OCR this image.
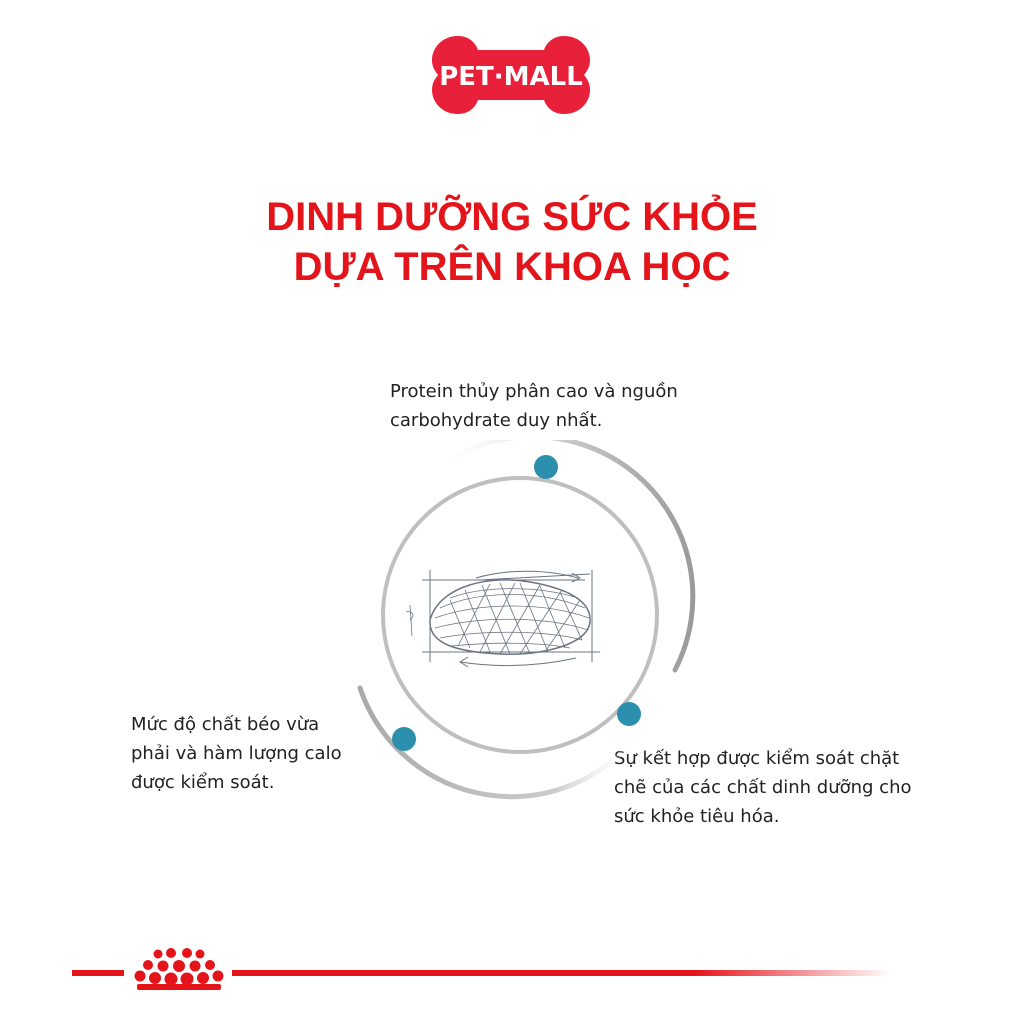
PET·MALL
DINH DƯỠNG SỨC KHỎE
DỰA TRÊN KHOA HỌC
Protein thủy phân cao và nguồn
carbohydrate duy nhất.
Mức độ chất béo vừa
phải và hàm lượng calo
được kiểm soát.
Sự kết hợp được kiểm soát chặt
chẽ của các chất dinh dưỡng cho
sức khỏe tiêu hóa.
